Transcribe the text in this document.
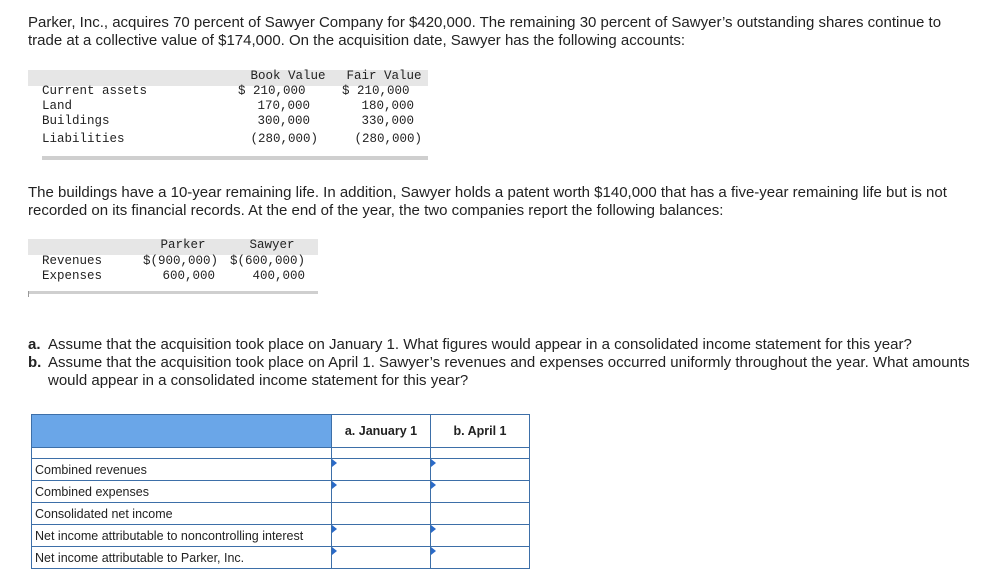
Parker, Inc., acquires 70 percent of Sawyer Company for $420,000. The remaining 30 percent of Sawyer’s outstanding shares continue to trade at a collective value of $174,000. On the acquisition date, Sawyer has the following accounts:
Book Value	Fair Value
Current assets	$ 210,000	$ 210,000
Land	170,000	180,000
Buildings	300,000	330,000
Liabilities	(280,000)	(280,000)
The buildings have a 10-year remaining life. In addition, Sawyer holds a patent worth $140,000 that has a five-year remaining life but is not recorded on its financial records. At the end of the year, the two companies report the following balances:
Parker	Sawyer
Revenues	$(900,000) $(600,000)
Expenses	600,000	400,000
a. Assume that the acquisition took place on January 1. What figures would appear in a consolidated income statement for this year?
b. Assume that the acquisition took place on April 1. Sawyer’s revenues and expenses occurred uniformly throughout the year. What amounts would appear in a consolidated income statement for this year?
	a. January 1	b. April 1

Combined revenues	

Combined expenses	

Consolidated net income		
Net income attributable to noncontrolling interest	

Net income attributable to Parker, Inc.	
